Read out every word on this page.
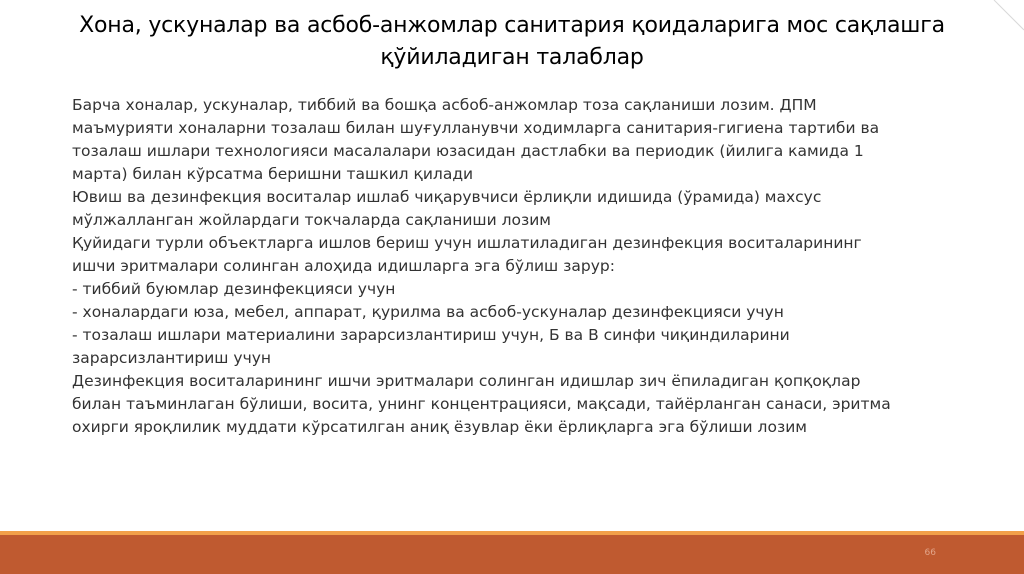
Хона, ускуналар ва асбоб-анжомлар санитария қоидаларига мос сақлашга қўйиладиган талаблар
Барча хоналар, ускуналар, тиббий ва бошқа асбоб-анжомлар тоза сақланиши лозим. ДПМ
маъмурияти хоналарни тозалаш билан шуғулланувчи ходимларга санитария-гигиена тартиби ва
тозалаш ишлари технологияси масалалари юзасидан дастлабки ва периодик (йилига камида 1
марта) билан кўрсатма беришни ташкил қилади
Ювиш ва дезинфекция воситалар ишлаб чиқарувчиси ёрлиқли идишида (ўрамида) махсус
мўлжалланган жойлардаги токчаларда сақланиши лозим
Қуйидаги турли объектларга ишлов бериш учун ишлатиладиган дезинфекция воситаларининг
ишчи эритмалари солинган алоҳида идишларга эга бўлиш зарур:
- тиббий буюмлар дезинфекцияси учун
- хоналардаги юза, мебел, аппарат, қурилма ва асбоб-ускуналар дезинфекцияси учун
- тозалаш ишлари материалини зарарсизлантириш учун, Б ва В синфи чиқиндиларини
зарарсизлантириш учун
Дезинфекция воситаларининг ишчи эритмалари солинган идишлар зич ёпиладиган қопқоқлар
билан таъминлаган бўлиши, восита, унинг концентрацияси, мақсади, тайёрланган санаси, эритма
охирги яроқлилик муддати кўрсатилган аниқ ёзувлар ёки ёрлиқларга эга бўлиши лозим
66
